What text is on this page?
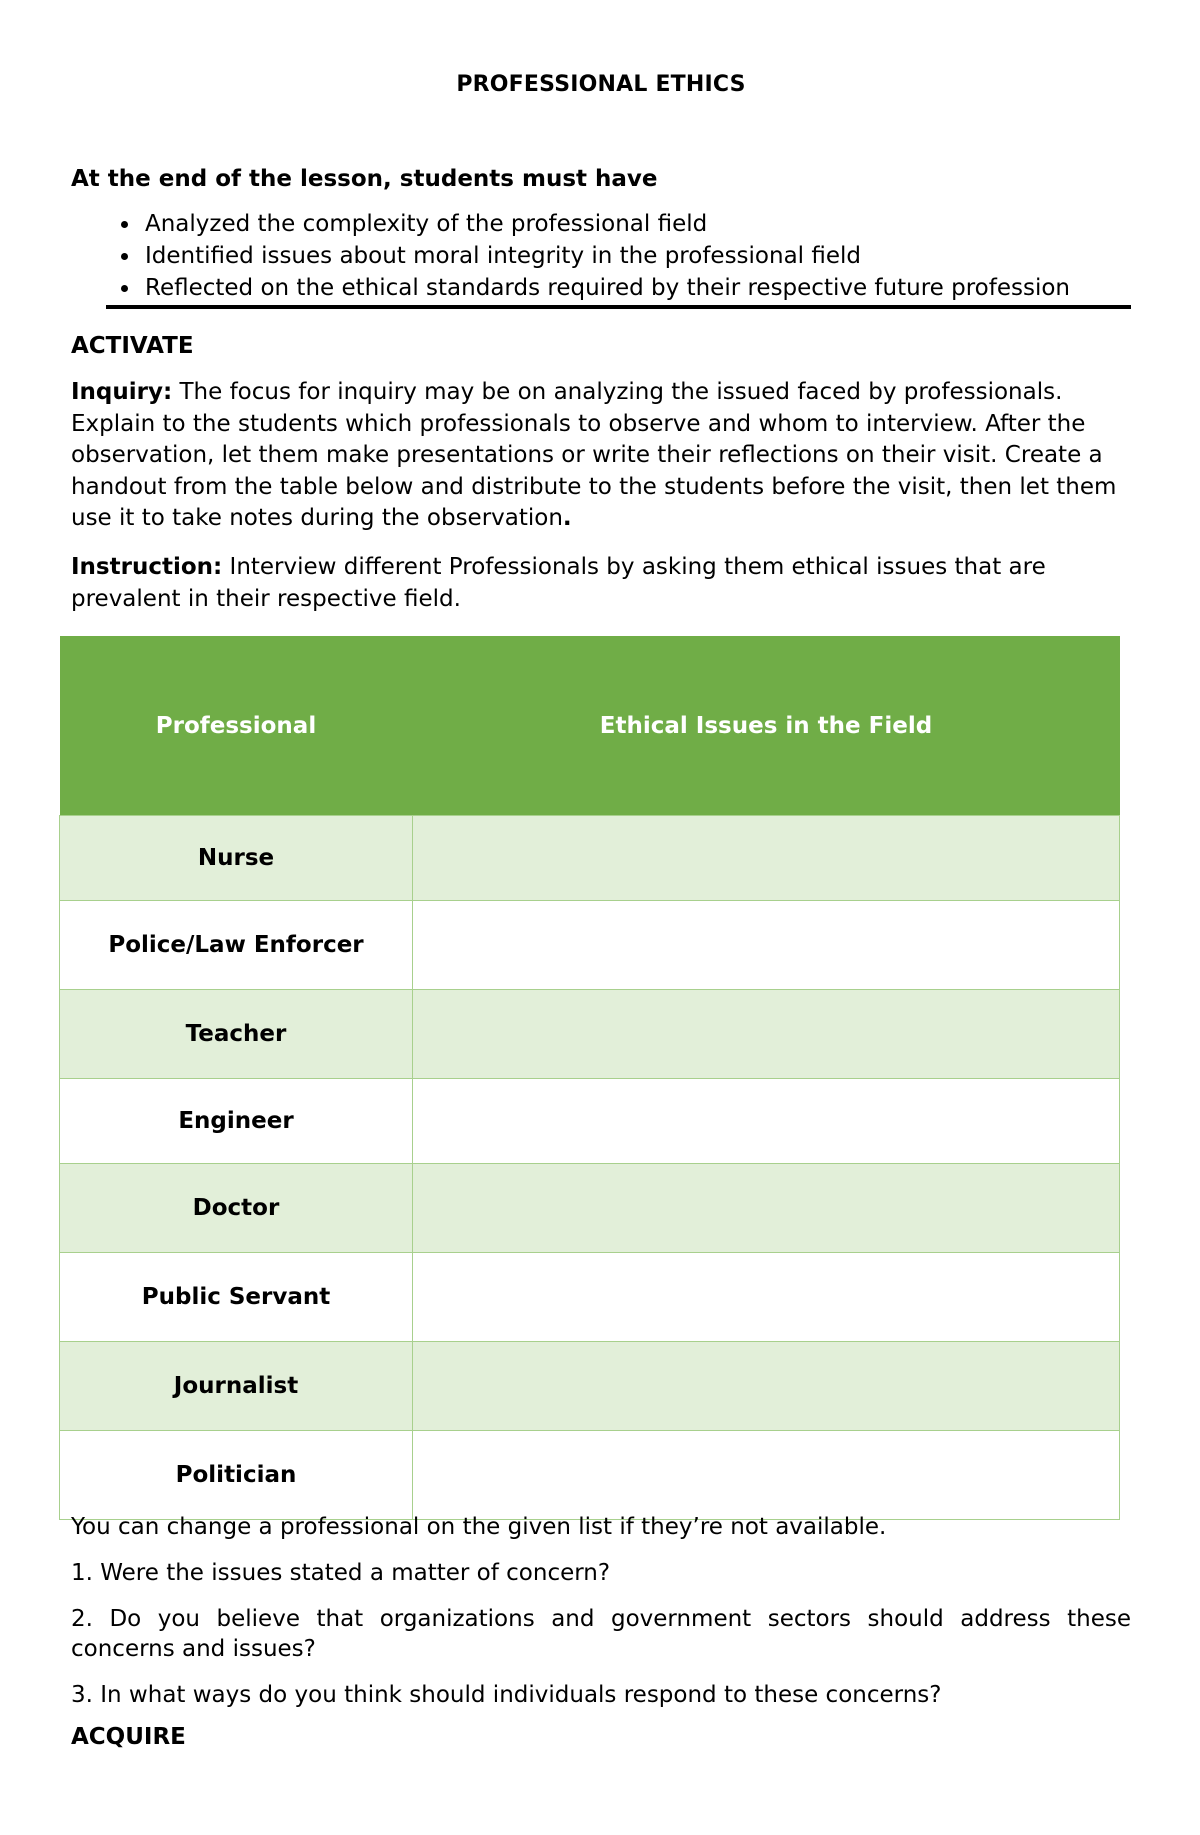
PROFESSIONAL ETHICS
At the end of the lesson, students must have
• Analyzed the complexity of the professional field
• Identified issues about moral integrity in the professional field
• Reflected on the ethical standards required by their respective future profession
ACTIVATE
Inquiry: The focus for inquiry may be on analyzing the issued faced by professionals. Explain to the students which professionals to observe and whom to interview. After the observation, let them make presentations or write their reflections on their visit. Create a handout from the table below and distribute to the students before the visit, then let them use it to take notes during the observation.
Instruction: Interview different Professionals by asking them ethical issues that are prevalent in their respective field.
Professional	Ethical Issues in the Field
Nurse	
Police/Law Enforcer	
Teacher	
Engineer	
Doctor	
Public Servant	
Journalist	
Politician	
You can change a professional on the given list if they’re not available.
1. Were the issues stated a matter of concern?
2. Do you believe that organizations and government sectors should address these concerns and issues?
3. In what ways do you think should individuals respond to these concerns?
ACQUIRE
